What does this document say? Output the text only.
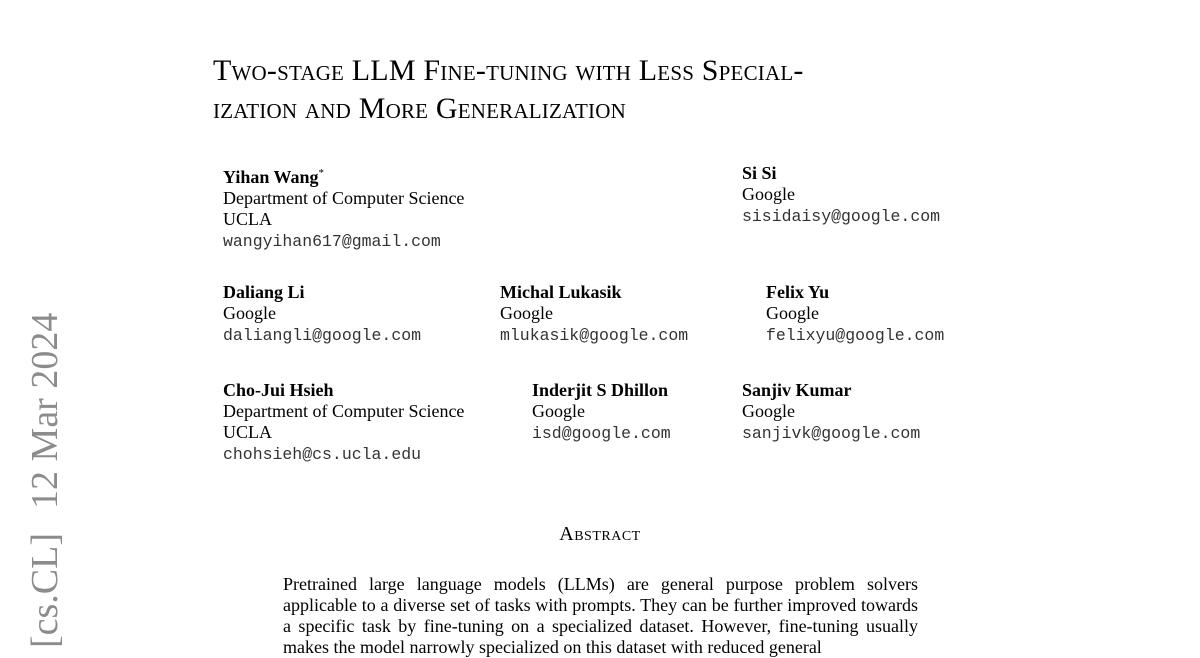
[cs.CL]12 Mar 2024
Two-stage LLM Fine-tuning with Less Special-
ization and More Generalization
Yihan Wang*
Department of Computer Science
UCLA
wangyihan617@gmail.com
Si Si
Google
sisidaisy@google.com
Daliang Li
Google
daliangli@google.com
Michal Lukasik
Google
mlukasik@google.com
Felix Yu
Google
felixyu@google.com
Cho-Jui Hsieh
Department of Computer Science
UCLA
chohsieh@cs.ucla.edu
Inderjit S Dhillon
Google
isd@google.com
Sanjiv Kumar
Google
sanjivk@google.com
Abstract
Pretrained large language models (LLMs) are general purpose problem solvers applicable to a diverse set of tasks with prompts. They can be further improved towards a specific task by fine-tuning on a specialized dataset. However, fine-tuning usually makes the model narrowly specialized on this dataset with reduced general
